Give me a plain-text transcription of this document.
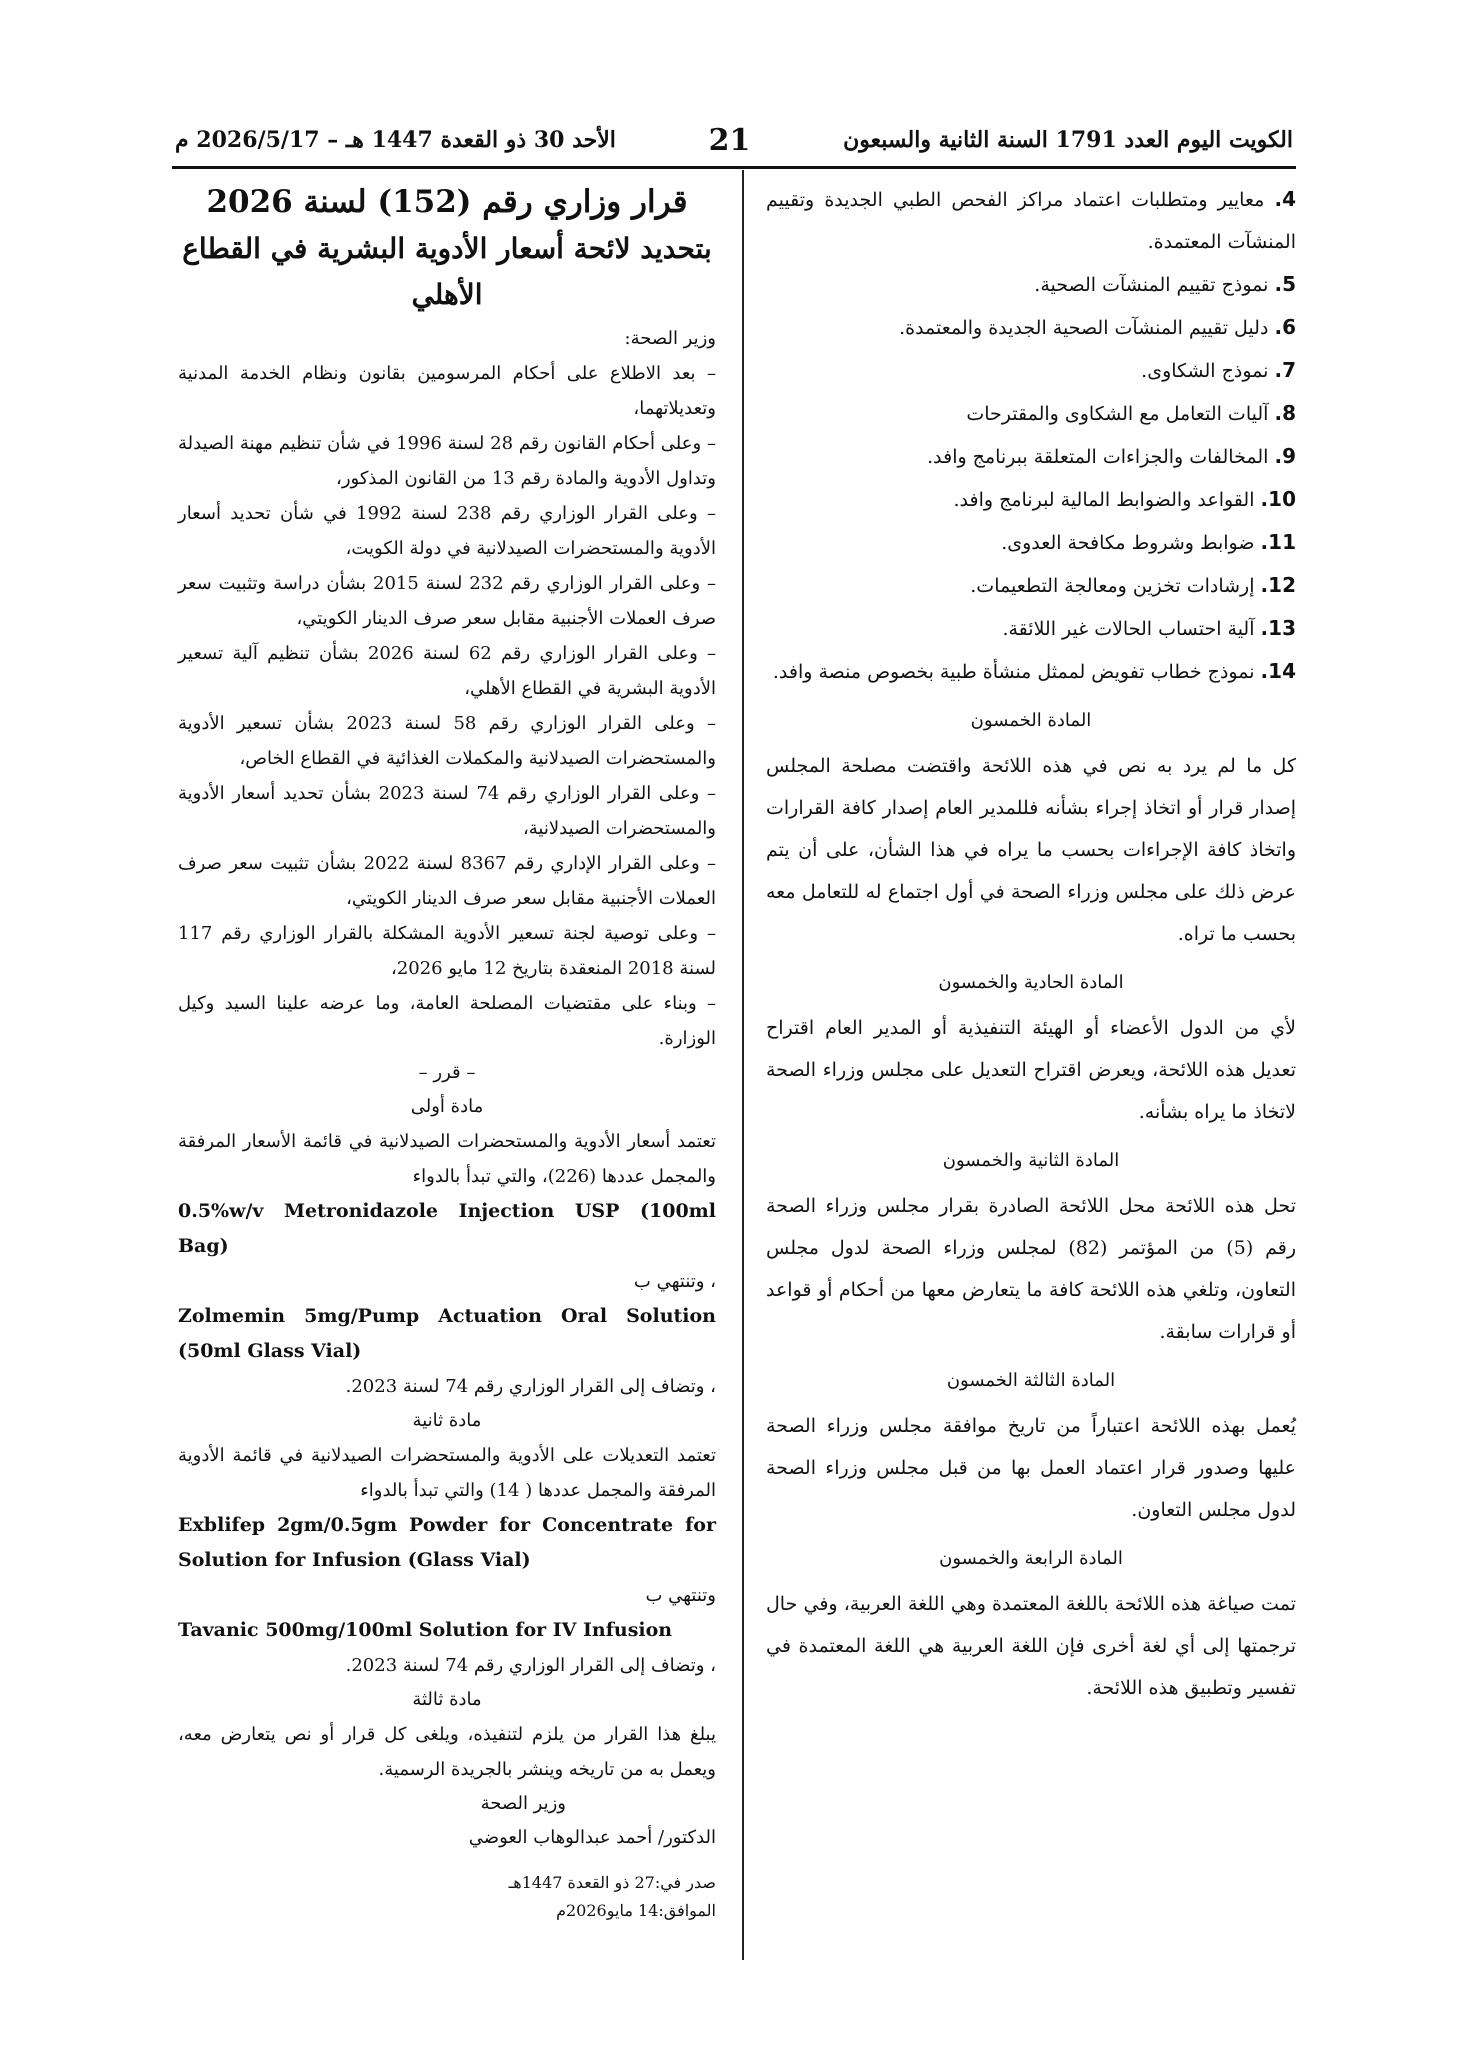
الكويت اليوم العدد 1791 السنة الثانية والسبعون
21
الأحد 30 ذو القعدة 1447 هـ – 2026/5/17 م
4. معايير ومتطلبات اعتماد مراكز الفحص الطبي الجديدة وتقييم المنشآت المعتمدة.
5. نموذج تقييم المنشآت الصحية.
6. دليل تقييم المنشآت الصحية الجديدة والمعتمدة.
7. نموذج الشكاوى.
8. آليات التعامل مع الشكاوى والمقترحات
9. المخالفات والجزاءات المتعلقة ببرنامج وافد.
10. القواعد والضوابط المالية لبرنامج وافد.
11. ضوابط وشروط مكافحة العدوى.
12. إرشادات تخزين ومعالجة التطعيمات.
13. آلية احتساب الحالات غير اللائقة.
14. نموذج خطاب تفويض لممثل منشأة طبية بخصوص منصة وافد.

المادة الخمسون

كل ما لم يرد به نص في هذه اللائحة واقتضت مصلحة المجلس إصدار قرار أو اتخاذ إجراء بشأنه فللمدير العام إصدار كافة القرارات واتخاذ كافة الإجراءات بحسب ما يراه في هذا الشأن، على أن يتم عرض ذلك على مجلس وزراء الصحة في أول اجتماع له للتعامل معه بحسب ما تراه.

المادة الحادية والخمسون

لأي من الدول الأعضاء أو الهيئة التنفيذية أو المدير العام اقتراح تعديل هذه اللائحة، ويعرض اقتراح التعديل على مجلس وزراء الصحة لاتخاذ ما يراه بشأنه.

المادة الثانية والخمسون

تحل هذه اللائحة محل اللائحة الصادرة بقرار مجلس وزراء الصحة رقم (5) من المؤتمر (82) لمجلس وزراء الصحة لدول مجلس التعاون، وتلغي هذه اللائحة كافة ما يتعارض معها من أحكام أو قواعد أو قرارات سابقة.

المادة الثالثة الخمسون

يُعمل بهذه اللائحة اعتباراً من تاريخ موافقة مجلس وزراء الصحة عليها وصدور قرار اعتماد العمل بها من قبل مجلس وزراء الصحة لدول مجلس التعاون.

المادة الرابعة والخمسون

تمت صياغة هذه اللائحة باللغة المعتمدة وهي اللغة العربية، وفي حال ترجمتها إلى أي لغة أخرى فإن اللغة العربية هي اللغة المعتمدة في تفسير وتطبيق هذه اللائحة.

قرار وزاري رقم (152) لسنة 2026

بتحديد لائحة أسعار الأدوية البشرية في القطاع الأهلي

وزير الصحة:

– بعد الاطلاع على أحكام المرسومين بقانون ونظام الخدمة المدنية وتعديلاتهما،
– وعلى أحكام القانون رقم 28 لسنة 1996 في شأن تنظيم مهنة الصيدلة وتداول الأدوية والمادة رقم 13 من القانون المذكور،
– وعلى القرار الوزاري رقم 238 لسنة 1992 في شأن تحديد أسعار الأدوية والمستحضرات الصيدلانية في دولة الكويت،
– وعلى القرار الوزاري رقم 232 لسنة 2015 بشأن دراسة وتثبيت سعر صرف العملات الأجنبية مقابل سعر صرف الدينار الكويتي،
– وعلى القرار الوزاري رقم 62 لسنة 2026 بشأن تنظيم آلية تسعير الأدوية البشرية في القطاع الأهلي،
– وعلى القرار الوزاري رقم 58 لسنة 2023 بشأن تسعير الأدوية والمستحضرات الصيدلانية والمكملات الغذائية في القطاع الخاص،
– وعلى القرار الوزاري رقم 74 لسنة 2023 بشأن تحديد أسعار الأدوية والمستحضرات الصيدلانية،
– وعلى القرار الإداري رقم 8367 لسنة 2022 بشأن تثبيت سعر صرف العملات الأجنبية مقابل سعر صرف الدينار الكويتي،
– وعلى توصية لجنة تسعير الأدوية المشكلة بالقرار الوزاري رقم 117 لسنة 2018 المنعقدة بتاريخ 12 مايو 2026،
– وبناء على مقتضيات المصلحة العامة، وما عرضه علينا السيد وكيل الوزارة.

– قرر –

مادة أولى

تعتمد أسعار الأدوية والمستحضرات الصيدلانية في قائمة الأسعار المرفقة والمجمل عددها (226)، والتي تبدأ بالدواء

0.5%w/v Metronidazole Injection USP (100ml Bag)

، وتنتهي ب

Zolmemin 5mg/Pump Actuation Oral Solution (50ml Glass Vial)

، وتضاف إلى القرار الوزاري رقم 74 لسنة 2023.

مادة ثانية

تعتمد التعديلات على الأدوية والمستحضرات الصيدلانية في قائمة الأدوية المرفقة والمجمل عددها ( 14) والتي تبدأ بالدواء

Exblifep 2gm/0.5gm Powder for Concentrate for Solution for Infusion (Glass Vial)

وتنتهي ب

Tavanic 500mg/100ml Solution for IV Infusion

، وتضاف إلى القرار الوزاري رقم 74 لسنة 2023.

مادة ثالثة

يبلغ هذا القرار من يلزم لتنفيذه، ويلغى كل قرار أو نص يتعارض معه، ويعمل به من تاريخه وينشر بالجريدة الرسمية.

وزير الصحة

الدكتور/ أحمد عبدالوهاب العوضي

صدر في:27 ذو القعدة 1447هـ

الموافق:14 مايو2026م
